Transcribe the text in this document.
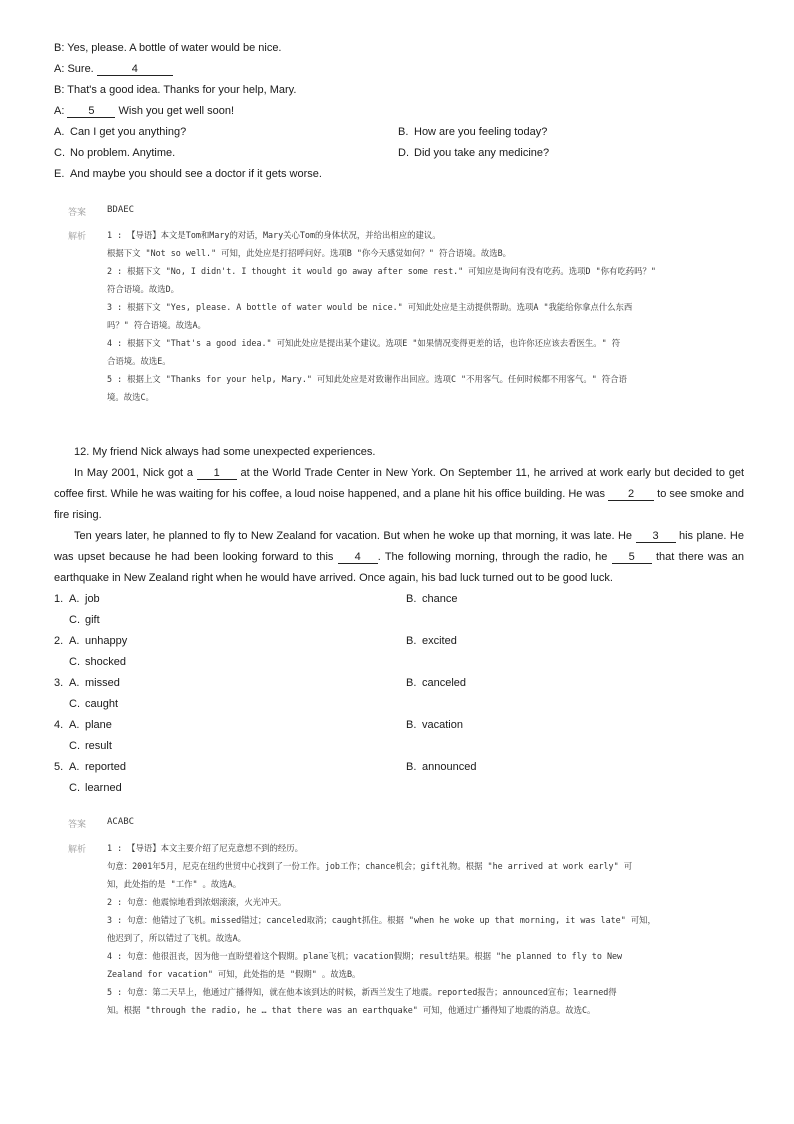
B: Yes, please. A bottle of water would be nice.
A: Sure.	4
B: That's a good idea. Thanks for your help, Mary.
A: 5 Wish you get well soon!
A. Can I get you anything?	B. How are you feeling today?
C. No problem. Anytime.	D. Did you take any medicine?
E. And maybe you should see a doctor if it gets worse.
答案 BDAEC
解析 1 : 【导语】本文是Tom和Mary的对话，Mary关心Tom的身体状况，并给出相应的建议。

根据下文 "Not so well." 可知，此处应是打招呼问好。选项B "你今天感觉如何？" 符合语境。故选B。

2 : 根据下文 "No, I didn't. I thought it would go away after some rest." 可知应是询问有没有吃药。选项D "你有吃药吗？"

符合语境。故选D。

3 : 根据下文 "Yes, please. A bottle of water would be nice." 可知此处应是主动提供帮助。选项A "我能给你拿点什么东西

吗？" 符合语境。故选A。

4 : 根据下文 "That's a good idea." 可知此处应是提出某个建议。选项E "如果情况变得更差的话，也许你还应该去看医生。" 符

合语境。故选E。

5 : 根据上文 "Thanks for your help, Mary." 可知此处应是对致谢作出回应。选项C "不用客气。任何时候都不用客气。" 符合语

境。故选C。

12. My friend Nick always had some unexpected experiences.
In May 2001, Nick got a 1 at the World Trade Center in New York. On September 11, he arrived at work early but decided to get coffee first. While he was waiting for his coffee, a loud noise happened, and a plane hit his office building. He was 2 to see smoke and fire rising.
Ten years later, he planned to fly to New Zealand for vacation. But when he woke up that morning, it was late. He 3 his plane. He was upset because he had been looking forward to this 4 . The following morning, through the radio, he 5 that there was an earthquake in New Zealand right when he would have arrived. Once again, his bad luck turned out to be good luck.
1. A. job	B. chance
C. gift
2. A. unhappy	B. excited
C. shocked
3. A. missed	B. canceled
C. caught
4. A. plane	B. vacation
C. result
5. A. reported	B. announced
C. learned
答案 ACABC
解析 1 : 【导语】本文主要介绍了尼克意想不到的经历。

句意：2001年5月，尼克在纽约世贸中心找到了一份工作。job工作；chance机会；gift礼物。根据 "he arrived at work early" 可

知，此处指的是 "工作" 。故选A。

2 : 句意：他震惊地看到浓烟滚滚，火光冲天。

3 : 句意：他错过了飞机。missed错过；canceled取消；caught抓住。根据 "when he woke up that morning, it was late" 可知，

他迟到了，所以错过了飞机。故选A。

4 : 句意：他很沮丧，因为他一直盼望着这个假期。plane飞机；vacation假期；result结果。根据 "he planned to fly to New

Zealand for vacation" 可知，此处指的是 "假期" 。故选B。

5 : 句意：第二天早上，他通过广播得知，就在他本该到达的时候，新西兰发生了地震。reported报告；announced宣布；learned得

知。根据 "through the radio, he … that there was an earthquake" 可知，他通过广播得知了地震的消息。故选C。
